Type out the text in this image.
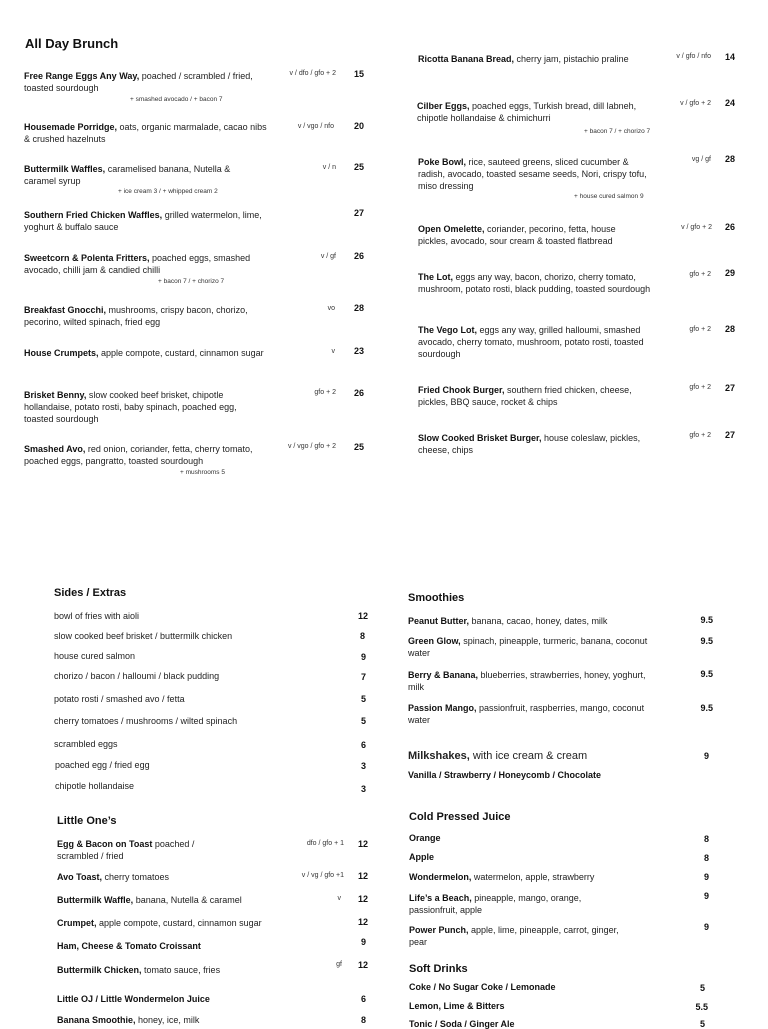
All Day Brunch
Free Range Eggs Any Way, poached / scrambled / fried, toasted sourdough
v / dfo / gfo + 2	15
+ smashed avocado / + bacon 7
Housemade Porridge, oats, organic marmalade, cacao nibs & crushed hazelnuts
v / vgo / nfo	20
Buttermilk Waffles, caramelised banana, Nutella & caramel syrup
v / n	25
+ ice cream 3 / + whipped cream 2
Southern Fried Chicken Waffles, grilled watermelon, lime, yoghurt & buffalo sauce
27
Sweetcorn & Polenta Fritters, poached eggs, smashed avocado, chilli jam & candied chilli
v / gf	26
+ bacon 7 / + chorizo 7
Breakfast Gnocchi, mushrooms, crispy bacon, chorizo, pecorino, wilted spinach, fried egg
vo	28
House Crumpets, apple compote, custard, cinnamon sugar	v	23
Brisket Benny, slow cooked beef brisket, chipotle hollandaise, potato rosti, baby spinach, poached egg, toasted sourdough
gfo + 2	26
Smashed Avo, red onion, coriander, fetta, cherry tomato, poached eggs, pangratto, toasted sourdough
v / vgo / gfo + 2	25
+ mushrooms 5
Ricotta Banana Bread, cherry jam, pistachio praline	v / gfo / nfo	14
Cilber Eggs, poached eggs, Turkish bread, dill labneh, chipotle hollandaise & chimichurri
v / gfo + 2	24
+ bacon 7 / + chorizo 7
Poke Bowl, rice, sauteed greens, sliced cucumber & radish, avocado, toasted sesame seeds, Nori, crispy tofu, miso dressing
vg / gf	28
+ house cured salmon 9
Open Omelette, coriander, pecorino, fetta, house pickles, avocado, sour cream & toasted flatbread
v / gfo + 2	26
The Lot, eggs any way, bacon, chorizo, cherry tomato, mushroom, potato rosti, black pudding, toasted sourdough
gfo + 2	29
The Vego Lot, eggs any way, grilled halloumi, smashed avocado, cherry tomato, mushroom, potato rosti, toasted sourdough
gfo + 2	28
Fried Chook Burger, southern fried chicken, cheese, pickles, BBQ sauce, rocket & chips
gfo + 2	27
Slow Cooked Brisket Burger, house coleslaw, pickles, cheese, chips
gfo + 2	27
Sides / Extras
bowl of fries with aioli	12
slow cooked beef brisket / buttermilk chicken	8
house cured salmon	9
chorizo / bacon / halloumi / black pudding	7
potato rosti / smashed avo / fetta	5
cherry tomatoes / mushrooms / wilted spinach	5
scrambled eggs	6
poached egg / fried egg	3
chipotle hollandaise	3
Little One’s
Egg & Bacon on Toast poached / scrambled / fried
dfo / gfo + 1	12
Avo Toast, cherry tomatoes	v / vg / gfo +1	12
Buttermilk Waffle, banana, Nutella & caramel	v	12
Crumpet, apple compote, custard, cinnamon sugar	12
Ham, Cheese & Tomato Croissant	9
Buttermilk Chicken, tomato sauce, fries
gf	12
Little OJ / Little Wondermelon Juice	6
Banana Smoothie, honey, ice, milk	8
Smoothies
Peanut Butter, banana, cacao, honey, dates, milk	9.5
Green Glow, spinach, pineapple, turmeric, banana, coconut water
9.5
Berry & Banana, blueberries, strawberries, honey, yoghurt, milk
9.5
Passion Mango, passionfruit, raspberries, mango, coconut water
9.5
Milkshakes, with ice cream & cream	9
Vanilla / Strawberry / Honeycomb / Chocolate
Cold Pressed Juice
Orange	8
Apple	8
Wondermelon, watermelon, apple, strawberry	9
Life’s a Beach, pineapple, mango, orange, passionfruit, apple
9
Power Punch, apple, lime, pineapple, carrot, ginger, pear
9
Soft Drinks
Coke / No Sugar Coke / Lemonade	5
Lemon, Lime & Bitters	5.5
Tonic / Soda / Ginger Ale	5
